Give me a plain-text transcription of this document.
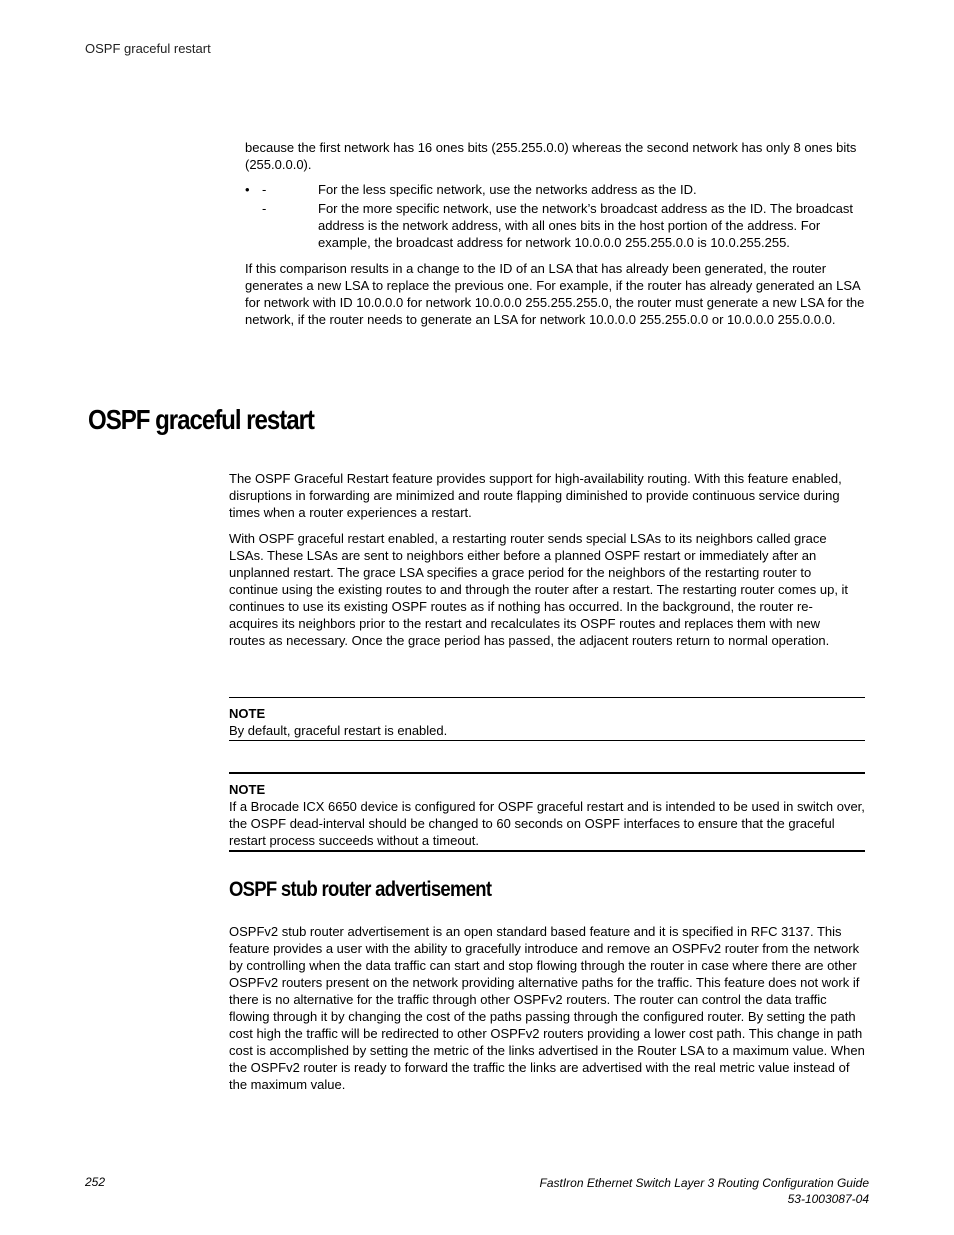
OSPF graceful restart

because the first network has 16 ones bits (255.255.0.0) whereas the second network has only 8 ones bits (255.0.0.0).

• -	For the less specific network, use the networks address as the ID.
-	For the more specific network, use the network’s broadcast address as the ID. The broadcast address is the network address, with all ones bits in the host portion of the address. For example, the broadcast address for network 10.0.0.0 255.255.0.0 is 10.0.255.255.

If this comparison results in a change to the ID of an LSA that has already been generated, the router generates a new LSA to replace the previous one. For example, if the router has already generated an LSA for network with ID 10.0.0.0 for network 10.0.0.0 255.255.255.0, the router must generate a new LSA for the network, if the router needs to generate an LSA for network 10.0.0.0 255.255.0.0 or 10.0.0.0 255.0.0.0.

OSPF graceful restart

The OSPF Graceful Restart feature provides support for high-availability routing. With this feature enabled, disruptions in forwarding are minimized and route flapping diminished to provide continuous service during times when a router experiences a restart.

With OSPF graceful restart enabled, a restarting router sends special LSAs to its neighbors called grace LSAs. These LSAs are sent to neighbors either before a planned OSPF restart or immediately after an unplanned restart. The grace LSA specifies a grace period for the neighbors of the restarting router to continue using the existing routes to and through the router after a restart. The restarting router comes up, it continues to use its existing OSPF routes as if nothing has occurred. In the background, the router re-acquires its neighbors prior to the restart and recalculates its OSPF routes and replaces them with new routes as necessary. Once the grace period has passed, the adjacent routers return to normal operation.

NOTE
By default, graceful restart is enabled.
NOTE
If a Brocade ICX 6650 device is configured for OSPF graceful restart and is intended to be used in switch over, the OSPF dead-interval should be changed to 60 seconds on OSPF interfaces to ensure that the graceful restart process succeeds without a timeout.
OSPF stub router advertisement

OSPFv2 stub router advertisement is an open standard based feature and it is specified in RFC 3137. This feature provides a user with the ability to gracefully introduce and remove an OSPFv2 router from the network by controlling when the data traffic can start and stop flowing through the router in case where there are other OSPFv2 routers present on the network providing alternative paths for the traffic. This feature does not work if there is no alternative for the traffic through other OSPFv2 routers. The router can control the data traffic flowing through it by changing the cost of the paths passing through the configured router. By setting the path cost high the traffic will be redirected to other OSPFv2 routers providing a lower cost path. This change in path cost is accomplished by setting the metric of the links advertised in the Router LSA to a maximum value. When the OSPFv2 router is ready to forward the traffic the links are advertised with the real metric value instead of the maximum value.

252	FastIron Ethernet Switch Layer 3 Routing Configuration Guide
53-1003087-04
